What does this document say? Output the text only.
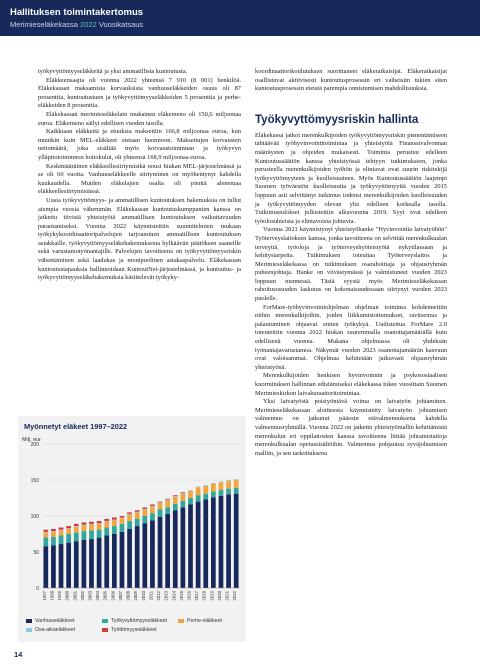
Hallituksen toimintakertomus
Merimieseläkekassa 2022 Vuosikatsaus

työkyvyttömyyseläkkeitä ja yksi ammatillista kuntoutusta.

Eläkkeensaajia oli vuonna 2022 yhteensä 7 910 (8 001) henkilöä. Eläkekassan maksamista korvauksista vanhuuseläkkeiden osuus oli 87 prosenttia, kuntoutustuen ja työkyvyttömyyseläkkeiden 5 prosenttia ja perhe-eläkkeiden 8 prosenttia.

Eläkekassan merimieseläkelain mukainen eläkemeno oli 150,6 miljoonaa euroa. Eläkemeno säilyi edellisen vuoden tasolla.

Kaikkiaan eläkkeitä ja etuuksia maksettiin 166,8 miljoonaa euroa, kun muutkin kuin MEL-eläkkeet otetaan huomioon. Maksettujen korvausten nettomäärä, joka sisältää myös korvaustoiminnan ja työkyvyn ylläpitotoiminnon hoitokulut, oli yhteensä 168,9 miljoonaa euroa.

Keskimääräinen eläkkeellesiirtymisikä nousi hiukan MEL-järjestelmässä ja se oli 60 vuotta. Vanhuuseläkkeelle siirtyminen on myöhentynyt kahdella kuukaudella. Muiden eläkelajien osalta oli pientä alenemaa eläkkeellesiirtymisiässä.

Uusia työkyvyttömyys- ja ammatillisen kuntoutuksen hakemuksia on tullut aiempia vuosia vähemmän. Eläkekassan kuntoutuskumppanien kanssa on jatkettu tiivistä yhteistyötä ammatillisen kuntoutuksen vaikuttavuuden parantamiseksi. Vuonna 2022 käynnistettiin suunnitelmien mukaan työkykykoordinaattoripalvelujen tarjoaminen ammatillisen kuntoutuksen asiakkaille, työkyvyttömyyseläkehakemuksesta hylkäävän päätöksen saaneille sekä varustamotyönantajille. Palvelujen tavoitteena on työkyvyttömyysriskin vähentäminen sekä laadukas ja monipuolinen asiakaspalvelu. Eläkekassan kuntoutustapauksia hallinnoidaan KuntoutNet-järjestelmässä, ja kuntoutus- ja työkyvyttömyyseläkehakemuksia käsittelevät työkyky-

koordinaattorikoulutuksen suorittaneet eläkeratkaisijat. Eläkeratkaisijat osallistuvat aktiivisesti kuntoutusprosessin eri vaiheisiin tukien siten kuntoutusprosessin eteistä parempia onnistumisen mahdollisuuksia.

Työkyvyttömyysriskin hallinta

Eläkekassa jatkoi merenkulkijoiden työkyvyttömyysriskin pienentämiseen tähtäävää työhyvinvointitoimintaa ja yhteistyötä Finanssivalvonnan määräysten ja ohjeiden mukaisesti. Toiminta perustuu edelleen Kuntoutussäätiön kanssa yhteistyössä tehtyyn tutkimukseen, jonka perusteella merenkulkijoiden työhön ja elintavat ovat suurin riskitekijä työkyvyttömyyteen ja kuolleisuuteen. Myös Kuntoutussäätiön laajempi Suomen työväestön kuolleisuutta ja työkyvyttömyyttä vuoden 2015 loppuun asti selvittänyt tutkimus todensi merenkulkijoiden kuolleisuuden ja työkyvyttömyyden olevan yhä edelleen korkealla tasolla. Tutkimustulokset julkistettiin alkuvuonna 2019. Syyt ovat edelleen työolosuhteista ja elintavoista johtuvia.

Vuonna 2021 käynnistynyt yhteistyöhanke "Hyvinvointia laivatyöhön" Työterveyslaitoksen kanssa, jonka tavoitteena on selvittää merenkulkualan terveyttä, työoloja ja työterveyshyöteistyötä nykytilassaan ja kehitystarpeita. Tutkimuksen toteuttaa Työterveyslaitos ja Merimieseläkekassa on tutkimuksen osarahoittaja ja ohjausryhmän puheenjohtaja. Hanke on viivästymässä ja valmistuneet vuoden 2023 loppuun mennessä. Tästä syystä myös Merimieseläkekassan rahoitusosuuden laskutus on kokonaisuudessaan siirtynyt vuoden 2023 puolelle.

ForMare-työhyvinvointiohjelman ohjelman toiminta kohdennettiin niihin merenkulkijoihin, joiden liikkumistottumukset, ravitsemus ja palautuminen ohjaavat eniten työkykyä. Uudistettua ForMare 2.0 toteutettiin vuonna 2022 hiukan suuremmalla osanottajamäärällä kuin edellisenä vuonna. Mukana ohjelmassa oli yhdeksän työnantajavarustamoa. Näkymät vuoden 2023 osanottajamäärän kasvuun ovat valoisammat. Ohjelmaa kehitetään jatkuvasti ohjausryhmän yhteistyönä.

Merenkulkijoiden henkisen hyvinvoinnin ja psykososiaalisen kuormituksen hallinnan edistämiseksi eläkekassa tukee vuosittain Suomen Merimieskirkon laivakuraattoritoimintaa.

Yksi laivatyöstä poistyöntävä voima on laivatyön johtaminen. Merimieseläkekassan aloitteesta käynnistetty laivatyön johtamisen valmennus on jatkunut pääosin etävalmennuksena kahdella valmennusryhmällä. Vuonna 2022 on jatkettu yhteistyömallin kehittämistä merenkulun eri oppilaitosten kanssa tavoitteena liittää johtamistaitoja merenkulkualan opetussisältöihin. Valmennus pohjautuu syväjohtamisen malliin, ja sen tarkoituksena

Myönnetyt eläkeet 1997–2022
Milj. eur
0
50
100
150
200
1997 1998 1999 2000 2001 2002 2003 2004 2005 2006 2007 2008 2009 2010 2011 2012 2013 2014 2015 2016 2017 2018 2019 2020 2021 2022
Vanhuuseläkkeet	Työkyvyttömyyseläkkeet	Perhe-eläkkeet
Osa-aikaeläkkeet	Työttömyyseläkkeet
14
